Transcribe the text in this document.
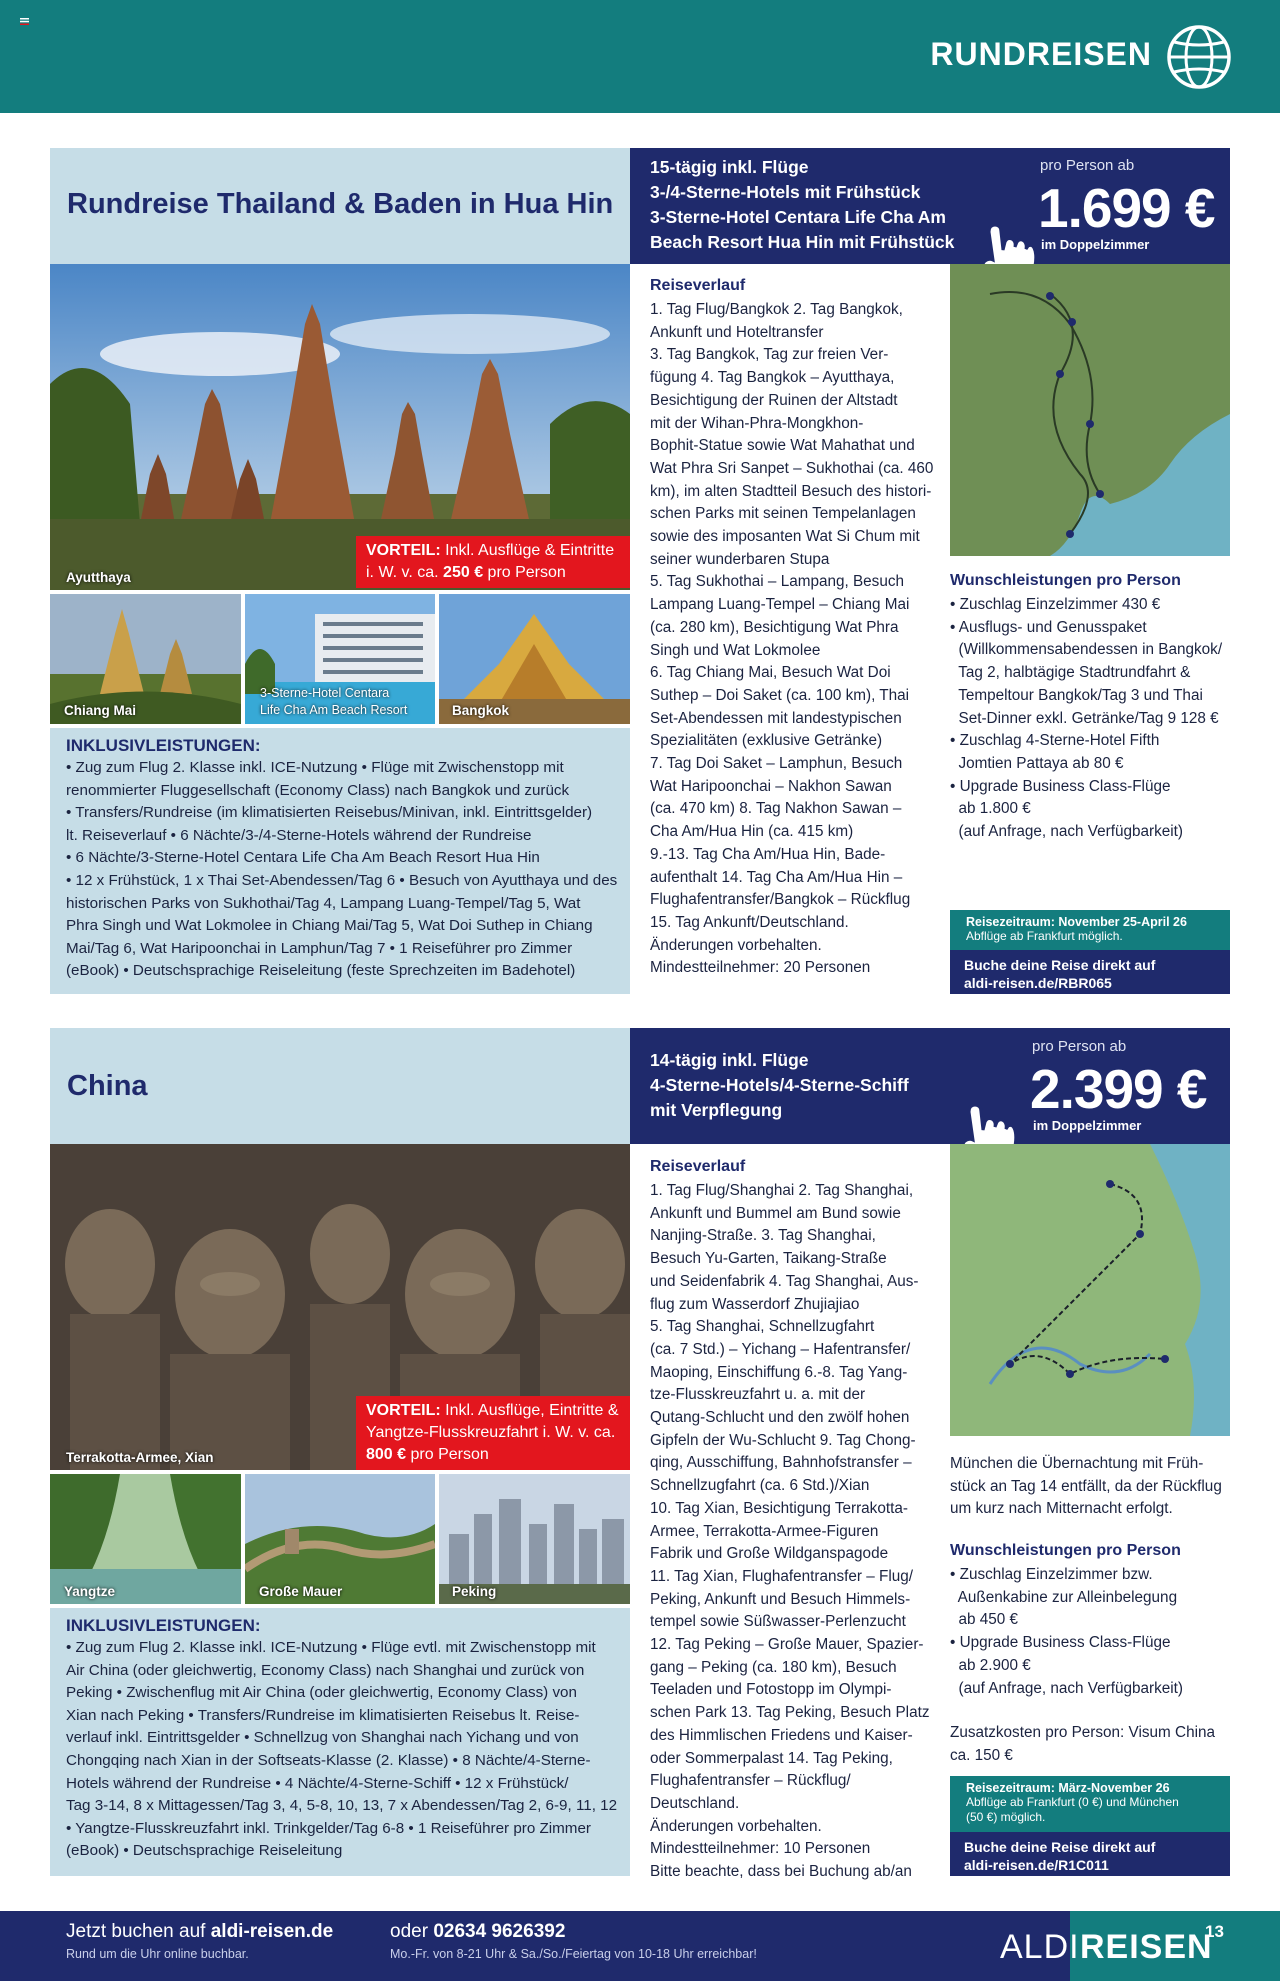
RUNDREISEN
Rundreise Thailand & Baden in Hua Hin
15-tägig inkl. Flüge
3-/4-Sterne-Hotels mit Frühstück
3-Sterne-Hotel Centara Life Cha Am
Beach Resort Hua Hin mit Frühstück
pro Person ab
1.699 €
im Doppelzimmer
Ayutthaya
VORTEIL: Inkl. Ausflüge & Eintritte
i. W. v. ca. 250 € pro Person
Chiang Mai
3-Sterne-Hotel Centara
Life Cha Am Beach Resort	Bangkok
INKLUSIVLEISTUNGEN:
• Zug zum Flug 2. Klasse inkl. ICE-Nutzung • Flüge mit Zwischenstopp mit
renommierter Fluggesellschaft (Economy Class) nach Bangkok und zurück
• Transfers/Rundreise (im klimatisierten Reisebus/Minivan, inkl. Eintrittsgelder)
lt. Reiseverlauf • 6 Nächte/3-/4-Sterne-Hotels während der Rundreise
• 6 Nächte/3-Sterne-Hotel Centara Life Cha Am Beach Resort Hua Hin
• 12 x Frühstück, 1 x Thai Set-Abendessen/Tag 6 • Besuch von Ayutthaya und des
historischen Parks von Sukhothai/Tag 4, Lampang Luang-Tempel/Tag 5, Wat
Phra Singh und Wat Lokmolee in Chiang Mai/Tag 5, Wat Doi Suthep in Chiang
Mai/Tag 6, Wat Haripoonchai in Lamphun/Tag 7 • 1 Reiseführer pro Zimmer
(eBook) • Deutschsprachige Reiseleitung (feste Sprechzeiten im Badehotel)
Reiseverlauf
1. Tag Flug/Bangkok 2. Tag Bangkok,
Ankunft und Hoteltransfer
3. Tag Bangkok, Tag zur freien Ver-
fügung 4. Tag Bangkok – Ayutthaya,
Besichtigung der Ruinen der Altstadt
mit der Wihan-Phra-Mongkhon-
Bophit-Statue sowie Wat Mahathat und
Wat Phra Sri Sanpet – Sukhothai (ca. 460
km), im alten Stadtteil Besuch des histori-
schen Parks mit seinen Tempelanlagen
sowie des imposanten Wat Si Chum mit
seiner wunderbaren Stupa
5. Tag Sukhothai – Lampang, Besuch
Lampang Luang-Tempel – Chiang Mai
(ca. 280 km), Besichtigung Wat Phra
Singh und Wat Lokmolee
6. Tag Chiang Mai, Besuch Wat Doi
Suthep – Doi Saket (ca. 100 km), Thai
Set-Abendessen mit landestypischen
Spezialitäten (exklusive Getränke)
7. Tag Doi Saket – Lamphun, Besuch
Wat Haripoonchai – Nakhon Sawan
(ca. 470 km) 8. Tag Nakhon Sawan –
Cha Am/Hua Hin (ca. 415 km)
9.-13. Tag Cha Am/Hua Hin, Bade-
aufenthalt 14. Tag Cha Am/Hua Hin –
Flughafentransfer/Bangkok – Rückflug
15. Tag Ankunft/Deutschland.
Änderungen vorbehalten.
Mindestteilnehmer: 20 Personen
Wunschleistungen pro Person
• Zuschlag Einzelzimmer 430 €
• Ausflugs- und Genusspaket
(Willkommensabendessen in Bangkok/
Tag 2, halbtägige Stadtrundfahrt &
Tempeltour Bangkok/Tag 3 und Thai
Set-Dinner exkl. Getränke/Tag 9 128 €
• Zuschlag 4-Sterne-Hotel Fifth
Jomtien Pattaya ab 80 €
• Upgrade Business Class-Flüge
ab 1.800 €
(auf Anfrage, nach Verfügbarkeit)
Reisezeitraum: November 25-April 26
Abflüge ab Frankfurt möglich.
Buche deine Reise direkt auf
aldi-reisen.de/RBR065
China
14-tägig inkl. Flüge
4-Sterne-Hotels/4-Sterne-Schiff
mit Verpflegung
pro Person ab
2.399 €
im Doppelzimmer
Terrakotta-Armee, Xian
VORTEIL: Inkl. Ausflüge, Eintritte &
Yangtze-Flusskreuzfahrt i. W. v. ca.
800 € pro Person
Yangtze	Große Mauer	Peking
INKLUSIVLEISTUNGEN:
• Zug zum Flug 2. Klasse inkl. ICE-Nutzung • Flüge evtl. mit Zwischenstopp mit
Air China (oder gleichwertig, Economy Class) nach Shanghai und zurück von
Peking • Zwischenflug mit Air China (oder gleichwertig, Economy Class) von
Xian nach Peking • Transfers/Rundreise im klimatisierten Reisebus lt. Reise-
verlauf inkl. Eintrittsgelder • Schnellzug von Shanghai nach Yichang und von
Chongqing nach Xian in der Softseats-Klasse (2. Klasse) • 8 Nächte/4-Sterne-
Hotels während der Rundreise • 4 Nächte/4-Sterne-Schiff • 12 x Frühstück/
Tag 3-14, 8 x Mittagessen/Tag 3, 4, 5-8, 10, 13, 7 x Abendessen/Tag 2, 6-9, 11, 12
• Yangtze-Flusskreuzfahrt inkl. Trinkgelder/Tag 6-8 • 1 Reiseführer pro Zimmer
(eBook) • Deutschsprachige Reiseleitung
Reiseverlauf
1. Tag Flug/Shanghai 2. Tag Shanghai,
Ankunft und Bummel am Bund sowie
Nanjing-Straße. 3. Tag Shanghai,
Besuch Yu-Garten, Taikang-Straße
und Seidenfabrik 4. Tag Shanghai, Aus-
flug zum Wasserdorf Zhujiajiao
5. Tag Shanghai, Schnellzugfahrt
(ca. 7 Std.) – Yichang – Hafentransfer/
Maoping, Einschiffung 6.-8. Tag Yang-
tze-Flusskreuzfahrt u. a. mit der
Qutang-Schlucht und den zwölf hohen
Gipfeln der Wu-Schlucht 9. Tag Chong-
qing, Ausschiffung, Bahnhofstransfer –
Schnellzugfahrt (ca. 6 Std.)/Xian
10. Tag Xian, Besichtigung Terrakotta-
Armee, Terrakotta-Armee-Figuren
Fabrik und Große Wildganspagode
11. Tag Xian, Flughafentransfer – Flug/
Peking, Ankunft und Besuch Himmels-
tempel sowie Süßwasser-Perlenzucht
12. Tag Peking – Große Mauer, Spazier-
gang – Peking (ca. 180 km), Besuch
Teeladen und Fotostopp im Olympi-
schen Park 13. Tag Peking, Besuch Platz
des Himmlischen Friedens und Kaiser-
oder Sommerpalast 14. Tag Peking,
Flughafentransfer – Rückflug/
Deutschland.
Änderungen vorbehalten.
Mindestteilnehmer: 10 Personen
Bitte beachte, dass bei Buchung ab/an
München die Übernachtung mit Früh-
stück an Tag 14 entfällt, da der Rückflug
um kurz nach Mitternacht erfolgt.
Wunschleistungen pro Person
• Zuschlag Einzelzimmer bzw.
Außenkabine zur Alleinbelegung
ab 450 €
• Upgrade Business Class-Flüge
ab 2.900 €
(auf Anfrage, nach Verfügbarkeit)
Zusatzkosten pro Person: Visum China
ca. 150 €
Reisezeitraum: März-November 26
Abflüge ab Frankfurt (0 €) und München
(50 €) möglich.
Buche deine Reise direkt auf
aldi-reisen.de/R1C011
Jetzt buchen auf aldi-reisen.de
Rund um die Uhr online buchbar.
oder 02634 9626392
Mo.-Fr. von 8-21 Uhr & Sa./So./Feiertag von 10-18 Uhr erreichbar!	ALDI REISEN
13
